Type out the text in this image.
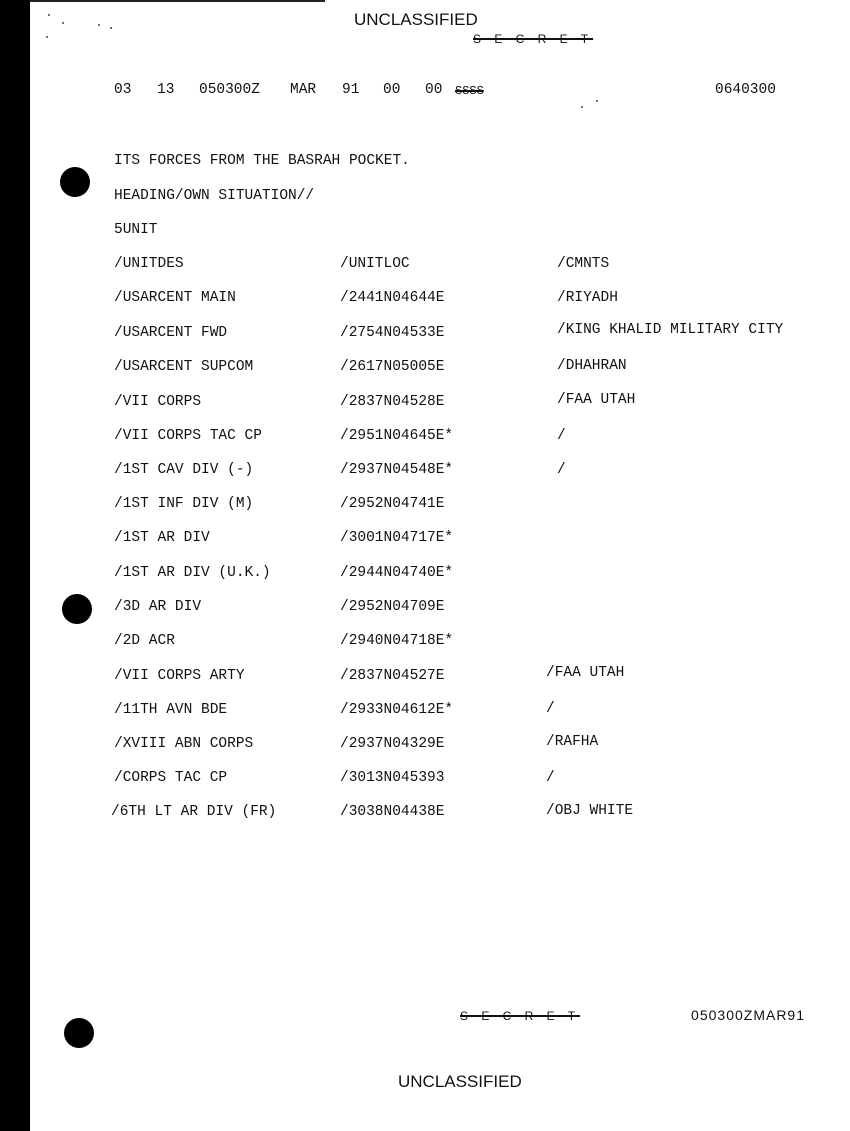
UNCLASSIFIED
S E C R E T
03 13 050300Z MAR 91 00 00 SSSS	0640300
ITS FORCES FROM THE BASRAH POCKET.
HEADING/OWN SITUATION//
5UNIT
/UNITDES	/UNITLOC	/CMNTS
/USARCENT MAIN	/2441N04644E	/RIYADH
/USARCENT FWD	/2754N04533E	/KING KHALID MILITARY CITY
/USARCENT SUPCOM	/2617N05005E	/DHAHRAN
/VII CORPS	/2837N04528E	/FAA UTAH
/VII CORPS TAC CP	/2951N04645E*	/
/1ST CAV DIV (-)	/2937N04548E*	/
/1ST INF DIV (M)	/2952N04741E
/1ST AR DIV	/3001N04717E*
/1ST AR DIV (U.K.)	/2944N04740E*
/3D AR DIV	/2952N04709E
/2D ACR	/2940N04718E*
/VII CORPS ARTY	/2837N04527E	/FAA UTAH
/11TH AVN BDE	/2933N04612E*	/
/XVIII ABN CORPS	/2937N04329E	/RAFHA
/CORPS TAC CP	/3013N045393	/
/6TH LT AR DIV (FR)	/3038N04438E	/OBJ WHITE
S E C R E T	050300ZMAR91
UNCLASSIFIED
